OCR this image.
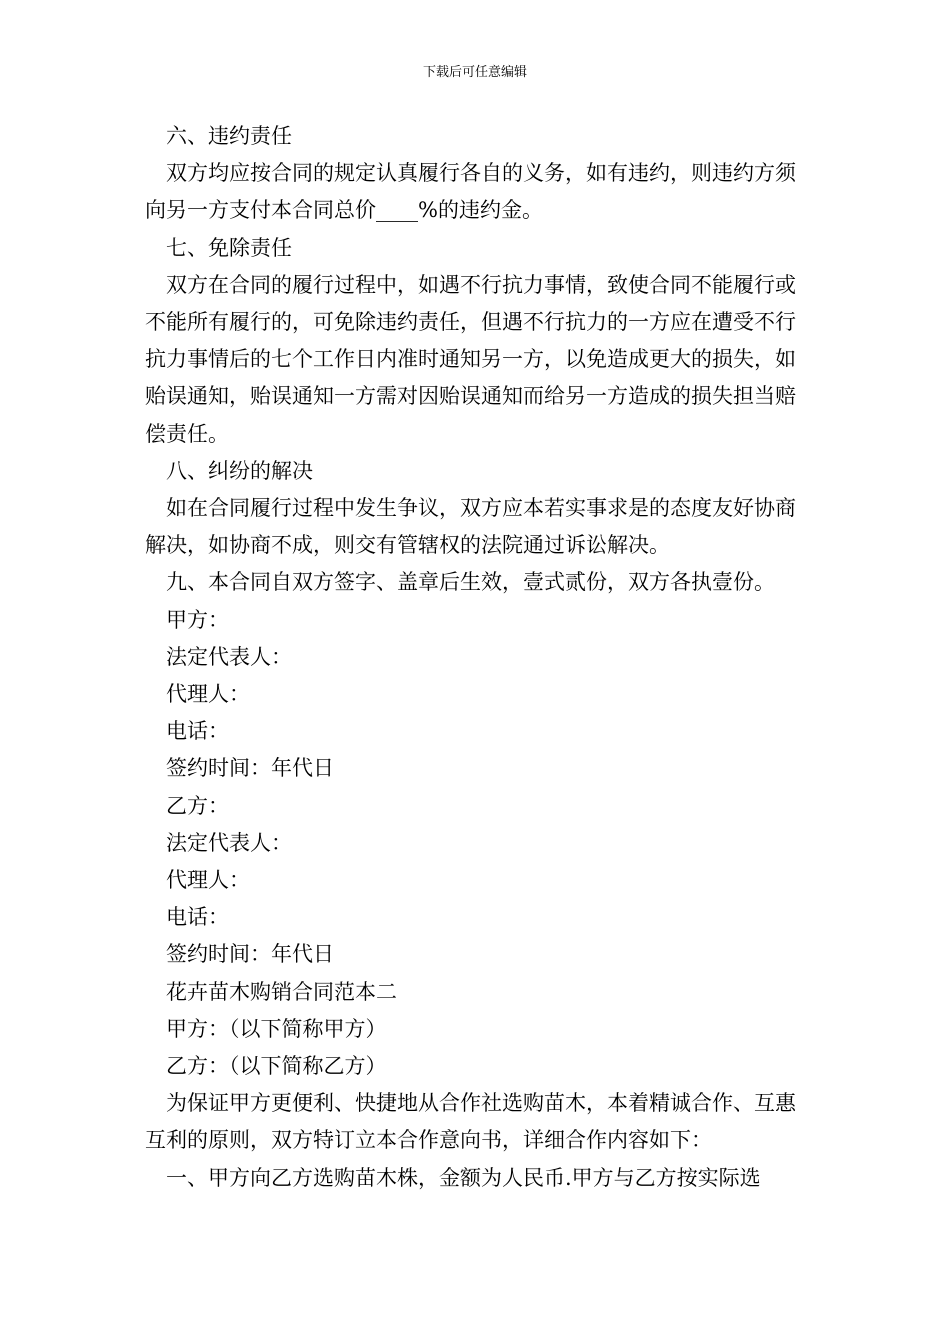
下载后可任意编辑

六、违约责任

双方均应按合同的规定认真履行各自的义务，如有违约，则违约方须向另一方支付本合同总价____%的违约金。

七、免除责任

双方在合同的履行过程中，如遇不行抗力事情，致使合同不能履行或不能所有履行的，可免除违约责任，但遇不行抗力的一方应在遭受不行抗力事情后的七个工作日内准时通知另一方，以免造成更大的损失，如贻误通知，贻误通知一方需对因贻误通知而给另一方造成的损失担当赔偿责任。

八、纠纷的解决

如在合同履行过程中发生争议，双方应本若实事求是的态度友好协商解决，如协商不成，则交有管辖权的法院通过诉讼解决。

九、本合同自双方签字、盖章后生效，壹式贰份，双方各执壹份。

甲方：

法定代表人：

代理人：

电话：

签约时间：年代日

乙方：

法定代表人：

代理人：

电话：

签约时间：年代日

花卉苗木购销合同范本二

甲方：（以下简称甲方）

乙方：（以下简称乙方）

为保证甲方更便利、快捷地从合作社选购苗木，本着精诚合作、互惠互利的原则，双方特订立本合作意向书，详细合作内容如下：

一、甲方向乙方选购苗木株，金额为人民币.甲方与乙方按实际选
